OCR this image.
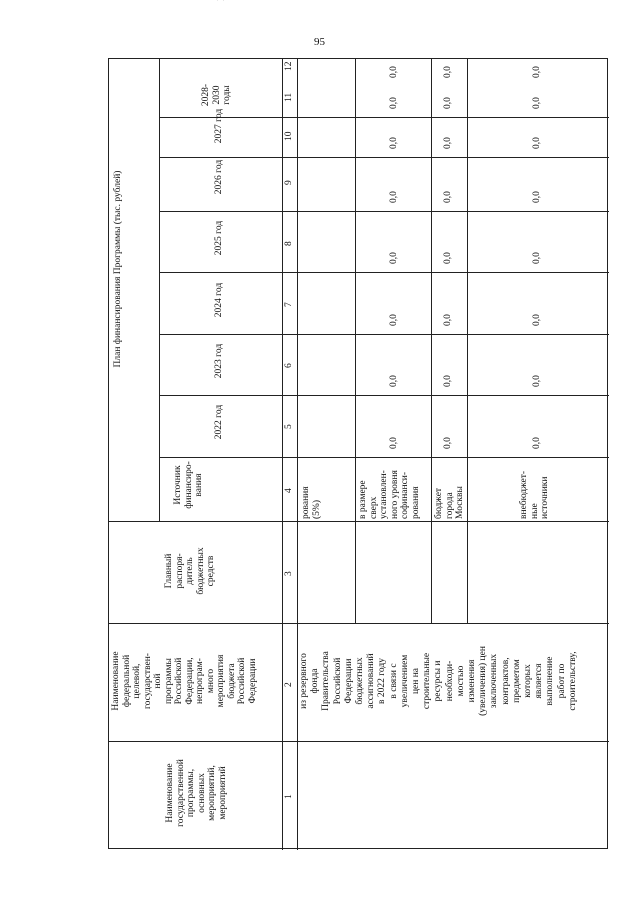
95
План финансирования Программы (тыс. рублей)
Наименование
государственной
программы,
основных
мероприятий,
мероприятий
Наименование
федеральной
целевой,
государствен-
ной
программы
Российской
Федерации,
непрограм-
много
мероприятия
бюджета
Российской
Федерации
Главный
распоря-
дитель
бюджетных
средств
Источник
финансиро-
вания
2022 год
2023 год
2024 год
2025 год
2026 год
2027 год
2028-
2030
годы
1
2
3
4
5
6
7
8
9
10
11
12
из резервного
фонда
Правительства
Российской
Федерации
бюджетных
ассигнований
в 2022 году
в связи с
увеличением
цен на
строительные
ресурсы и
необходи-
мостью
изменения
(увеличения) цен
заключенных
контрактов,
предметом
которых
является
выполнение
работ по
строительству,
рования
(5%)	в размере
сверх
установлен-
ного уровня
софинанси-
рования бюджет
города
Москвы	внебюджет-
ные
источники
0,0
0,0
0,0
0,0
0,0
0,0
0,0
0,0
0,0
0,0
0,0
0,0
0,0
0,0
0,0
0,0
0,0
0,0
0,0
0,0
0,0
0,0
0,0
0,0
